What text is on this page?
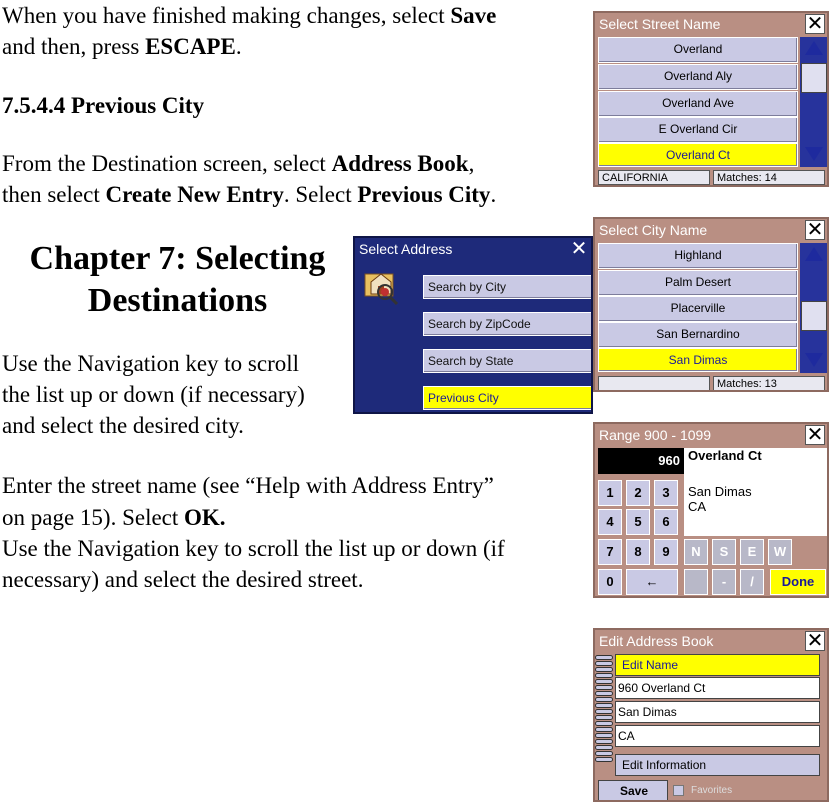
When you have finished making changes, select Save
and then, press ESCAPE.
7.5.4.4 Previous City
From the Destination screen, select Address Book,
then select Create New Entry. Select Previous City.
Chapter 7: Selecting
Destinations
Use the Navigation key to scroll
the list up or down (if necessary)
and select the desired city.
Enter the street name (see “Help with Address Entry”
on page 15). Select OK.
Use the Navigation key to scroll the list up or down (if
necessary) and select the desired street.
Select Street Name	✕
Overland
Overland Aly
Overland Ave
E Overland Cir
Overland Ct
CALIFORNIA	Matches: 14
Select City Name	✕
Highland
Palm Desert
Placerville
San Bernardino
San Dimas
Matches: 13
Select Address	✕
Search by City
Search by ZipCode
Search by State
Previous City
Range 900 - 1099	✕
960 Overland Ct
San Dimas
CA
1	2	3
4	5	6
7	8	9	N	S	E	W
0	←	-	/	Done
Edit Address Book	✕
Edit Name
960 Overland Ct
San Dimas
CA
Edit Information
Save	Favorites
